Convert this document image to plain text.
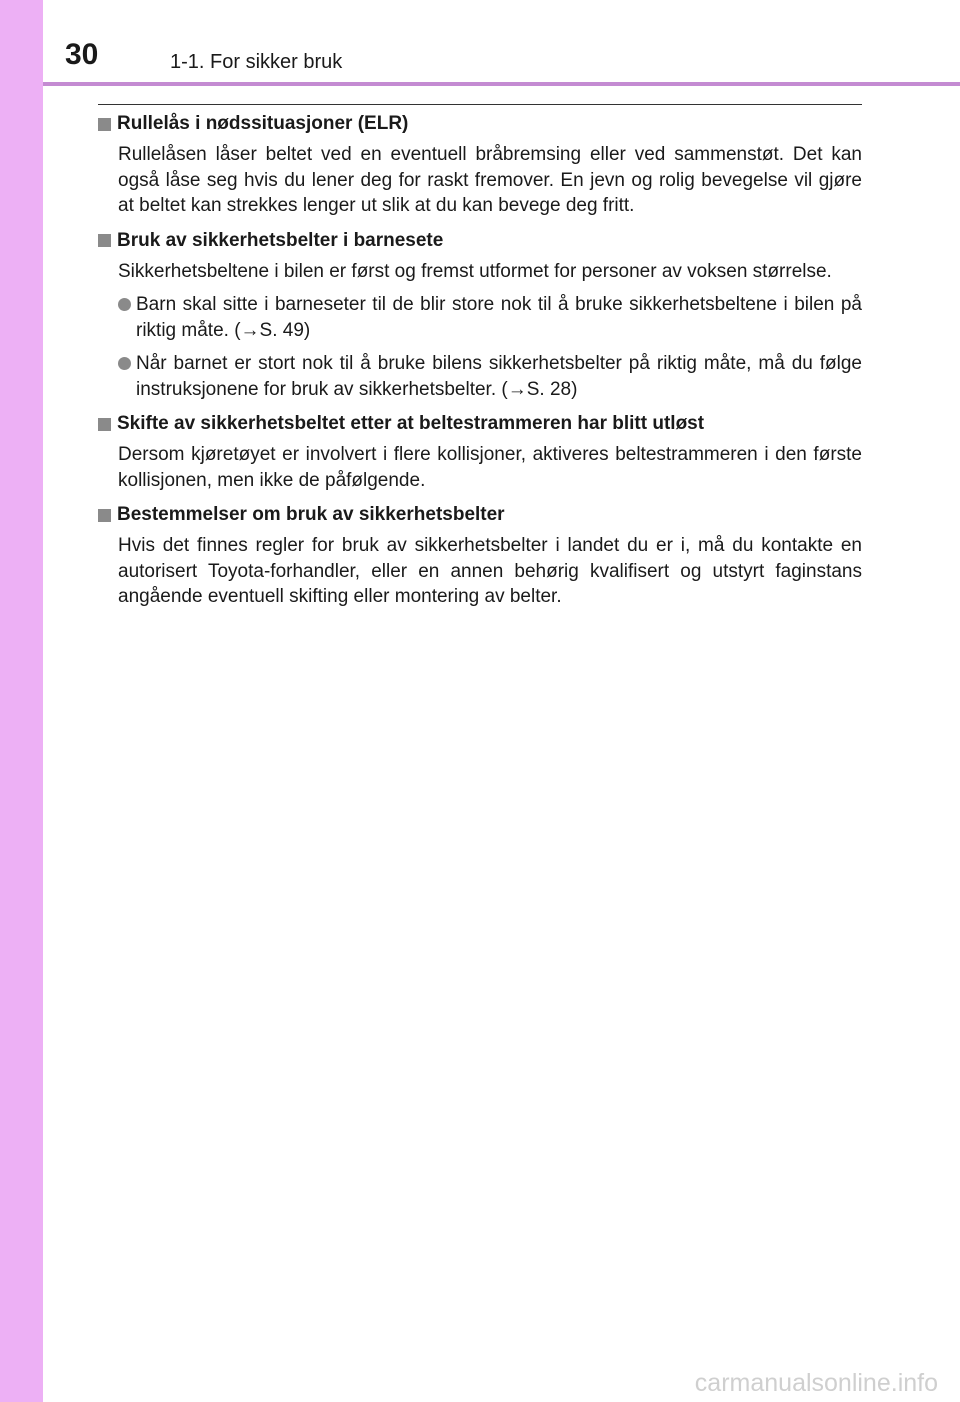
30	1-1. For sikker bruk
Rullelås i nødssituasjoner (ELR)
Rullelåsen låser beltet ved en eventuell bråbremsing eller ved sammenstøt. Det kan også låse seg hvis du lener deg for raskt fremover. En jevn og rolig bevegelse vil gjøre at beltet kan strekkes lenger ut slik at du kan bevege deg fritt.
Bruk av sikkerhetsbelter i barnesete
Sikkerhetsbeltene i bilen er først og fremst utformet for personer av voksen størrelse.
Barn skal sitte i barneseter til de blir store nok til å bruke sikkerhetsbeltene i bilen på riktig måte. (→S. 49)
Når barnet er stort nok til å bruke bilens sikkerhetsbelter på riktig måte, må du følge instruksjonene for bruk av sikkerhetsbelter. (→S. 28)
Skifte av sikkerhetsbeltet etter at beltestrammeren har blitt utløst
Dersom kjøretøyet er involvert i flere kollisjoner, aktiveres beltestrammeren i den første kollisjonen, men ikke de påfølgende.
Bestemmelser om bruk av sikkerhetsbelter
Hvis det finnes regler for bruk av sikkerhetsbelter i landet du er i, må du kontakte en autorisert Toyota-forhandler, eller en annen behørig kvalifisert og utstyrt faginstans angående eventuell skifting eller montering av belter.
carmanualsonline.info
